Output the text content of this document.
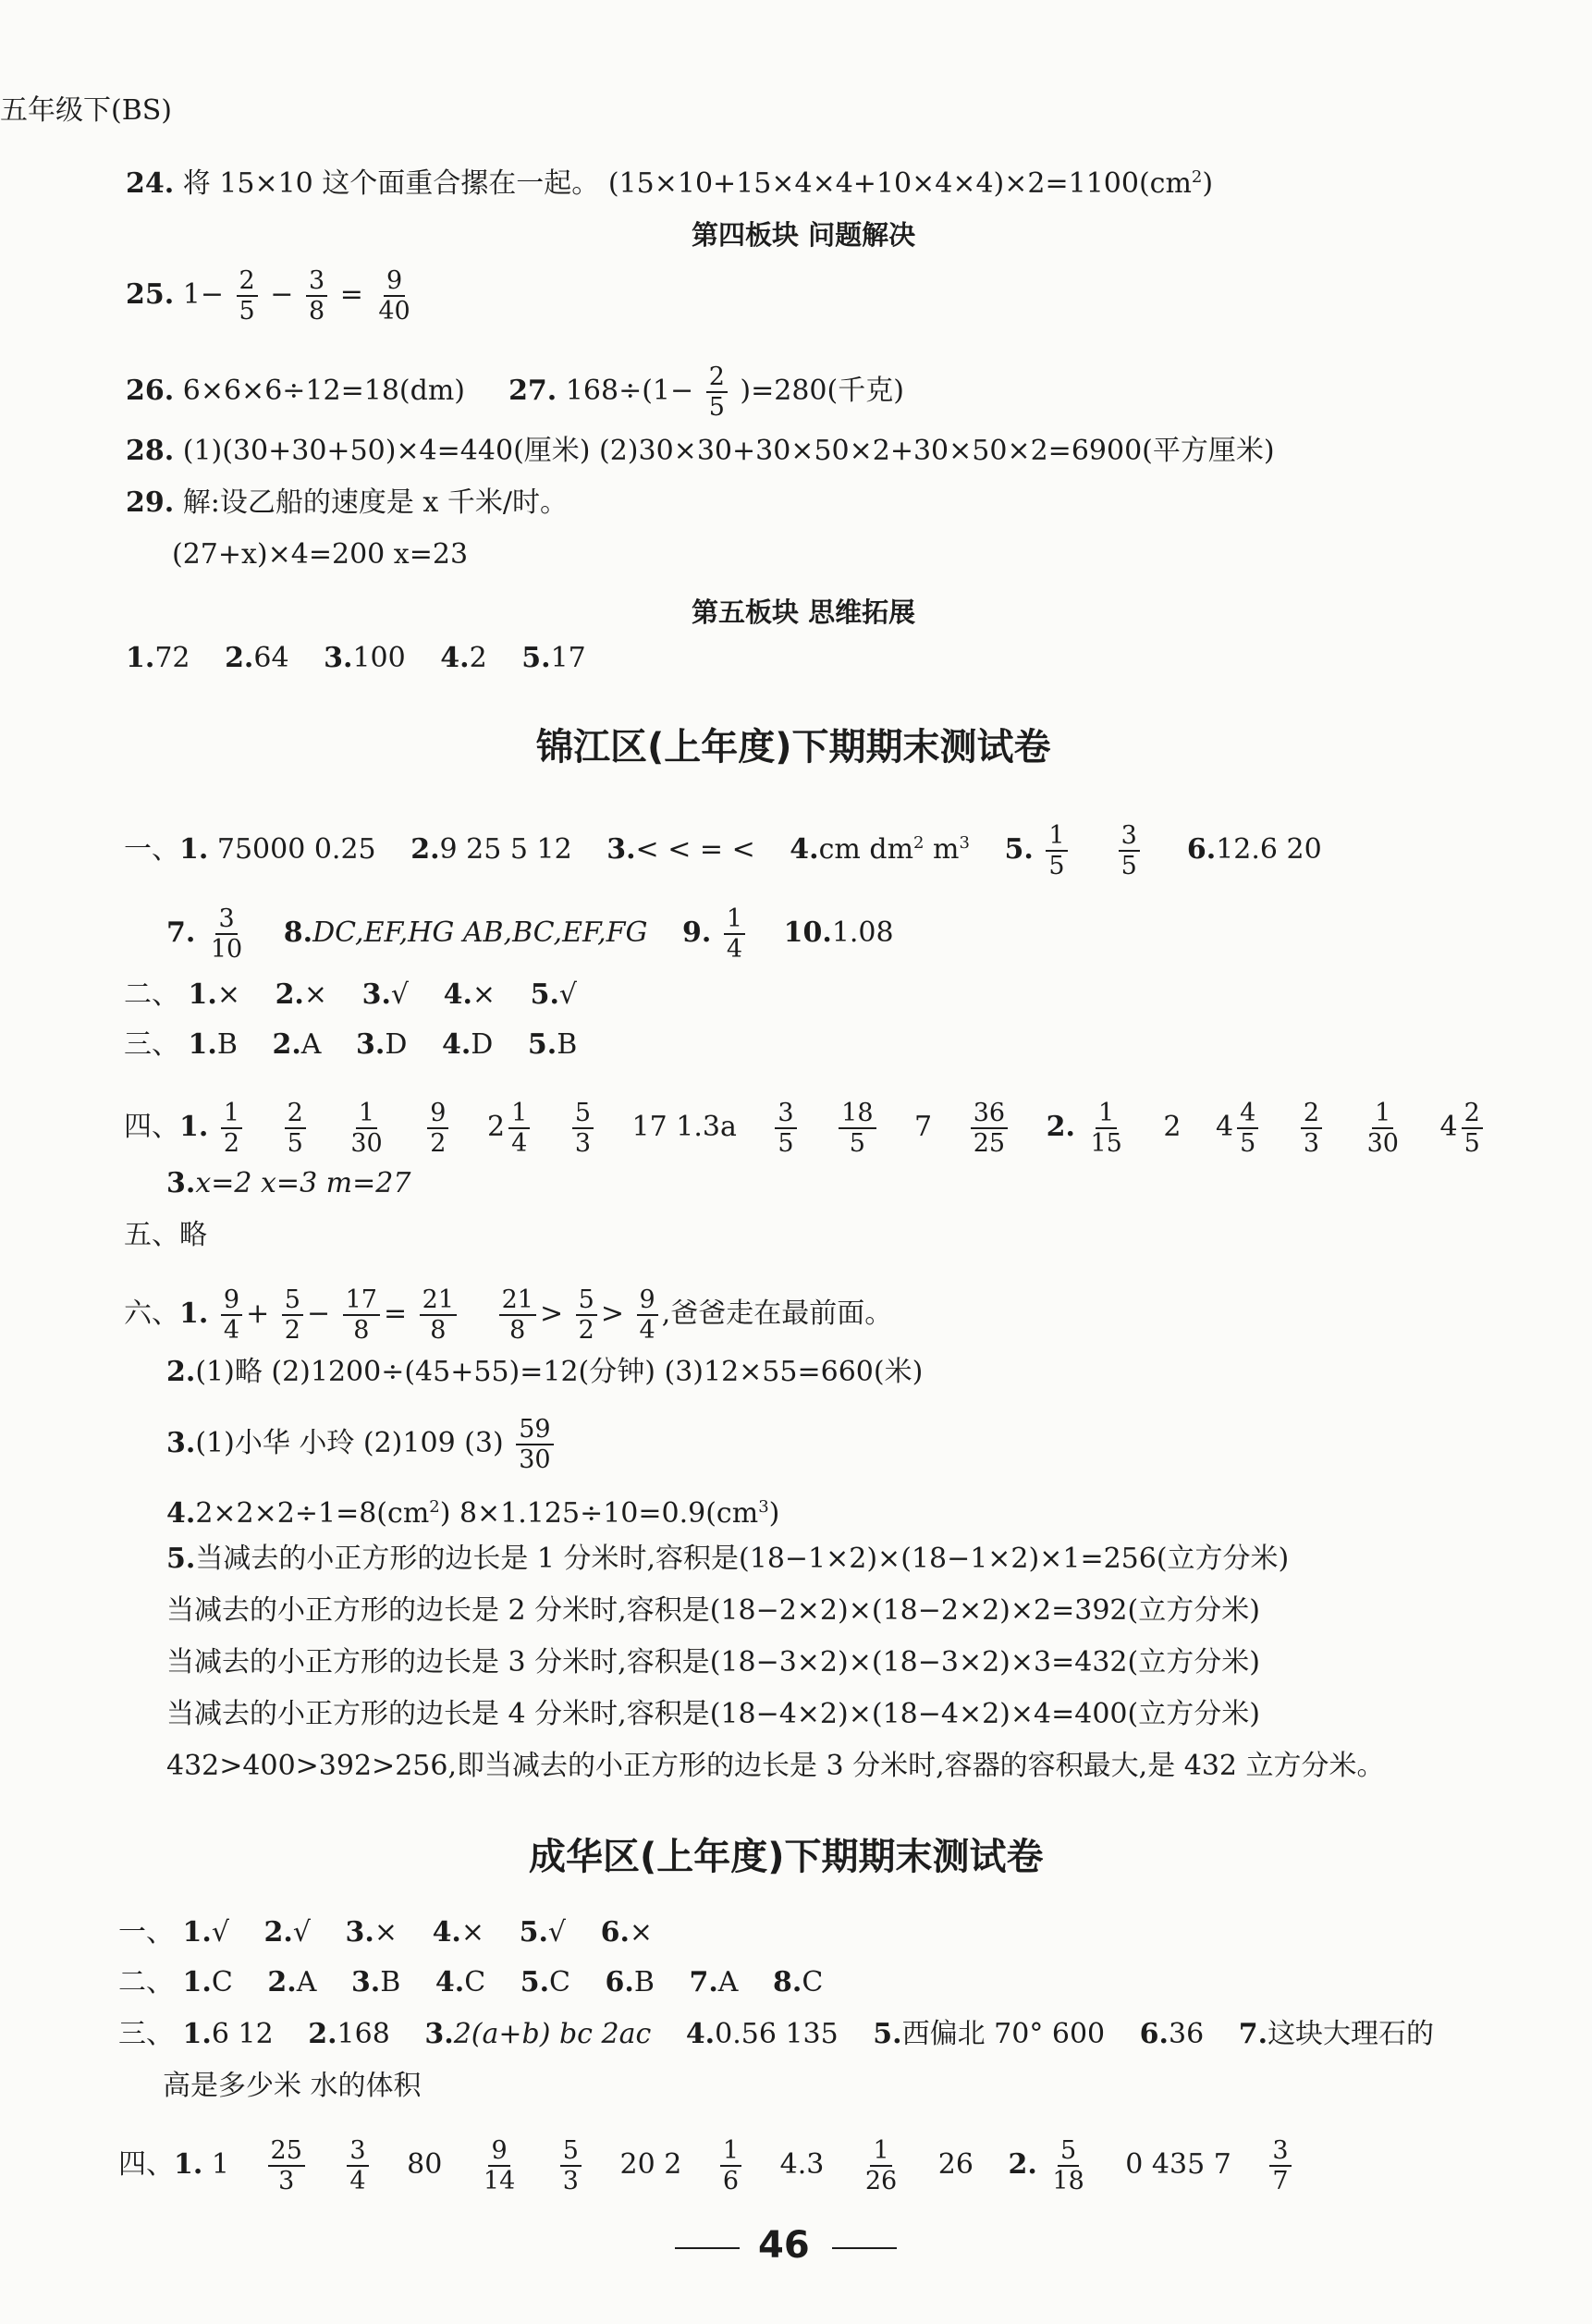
五年级下(BS)
24. 将 15×10 这个面重合摞在一起。 $(15\times 10+15\times 4\times 4+10\times 4\times 4)\times 2=1100(cm^2)$
第四板块 问题解决
25. $1- \frac{2}{5} - \frac{3}{8} = \frac{9}{40}$
26. 6×6×6÷12=18(dm) 27. $168\div(1- \frac{2}{5} )=280$(千克)
28. (1)(30+30+50)×4=440(厘米) (2)30×30+30×50×2+30×50×2=6900(平方厘米)
29. 解:设乙船的速度是 x 千米/时。
(27+x)×4=200 x=23
第五板块 思维拓展
1.72 2.64 3.100 4.2 5.17
锦江区(上年度)下期期末测试卷
一、1. 75000 0.25 2.9 25 5 12 3.< < = < 4.cm $dm^2$ $m^3$ 5. $\frac{1}{5}$
$\frac{3}{5} 6.12.6$ 20
7. $\frac{3}{10} 8.DC,EF,HG$ AB,BC,EF,FG 9. $\frac{1}{4} 10.1.08$
二、 1.× 2.× 3.√ 4.× 5.√
三、 1.B 2.A 3.D 4.D 5.B
四、1. $\frac{1}{2}$
$\frac{2}{5}$
$\frac{1}{30}$
$\frac{9}{2} 2 \frac{1}{4}$
$\frac{5}{3} 17$ $1.3a \frac{3}{5}$
$\frac{18}{5} 7 \frac{36}{25} 2$. $\frac{1}{15} 2$ $4 \frac{4}{5}$
$\frac{2}{3}$
$\frac{1}{30} 4 \frac{2}{5}$
3.x=2 x=3 m=27
五、略
六、1. $\frac{9}{4} + \frac{5}{2} - \frac{17}{8} = \frac{21}{8}$
$\frac{21}{8} > \frac{5}{2} > \frac{9}{4}$ ,爸爸走在最前面。
2.(1)略 (2)1200÷(45+55)=12(分钟) (3)12×55=660(米)
3.(1)小华 小玲 (2)109 $(3) \frac{59}{30}$
$4.2\times 2\times 2\div 1=8(cm^2)$ $8\times 1.125\div 10=0.9(cm^3)$
5.当减去的小正方形的边长是 1 分米时,容积是(18−1×2)×(18−1×2)×1=256(立方分米)
当减去的小正方形的边长是 2 分米时,容积是(18−2×2)×(18−2×2)×2=392(立方分米)
当减去的小正方形的边长是 3 分米时,容积是(18−3×2)×(18−3×2)×3=432(立方分米)
当减去的小正方形的边长是 4 分米时,容积是(18−4×2)×(18−4×2)×4=400(立方分米)
432>400>392>256,即当减去的小正方形的边长是 3 分米时,容器的容积最大,是 432 立方分米。
成华区(上年度)下期期末测试卷
一、 1.√ 2.√ 3.× 4.× 5.√ 6.×
二、 1.C 2.A 3.B 4.C 5.C 6.B 7.A 8.C
三、 1.6 12 2.168 3.2(a+b) bc 2ac 4.0.56 135 5.西偏北 70° 600 6.36 7.这块大理石的
高是多少米 水的体积
四、1. $1 \frac{25}{3}$
$\frac{3}{4} 80 \frac{9}{14}$
$\frac{5}{3} 20$ $2 \frac{1}{6} 4.3 \frac{1}{26} 26$ 2. $\frac{5}{18} 0$ 435 $7 \frac{3}{7}$
46
